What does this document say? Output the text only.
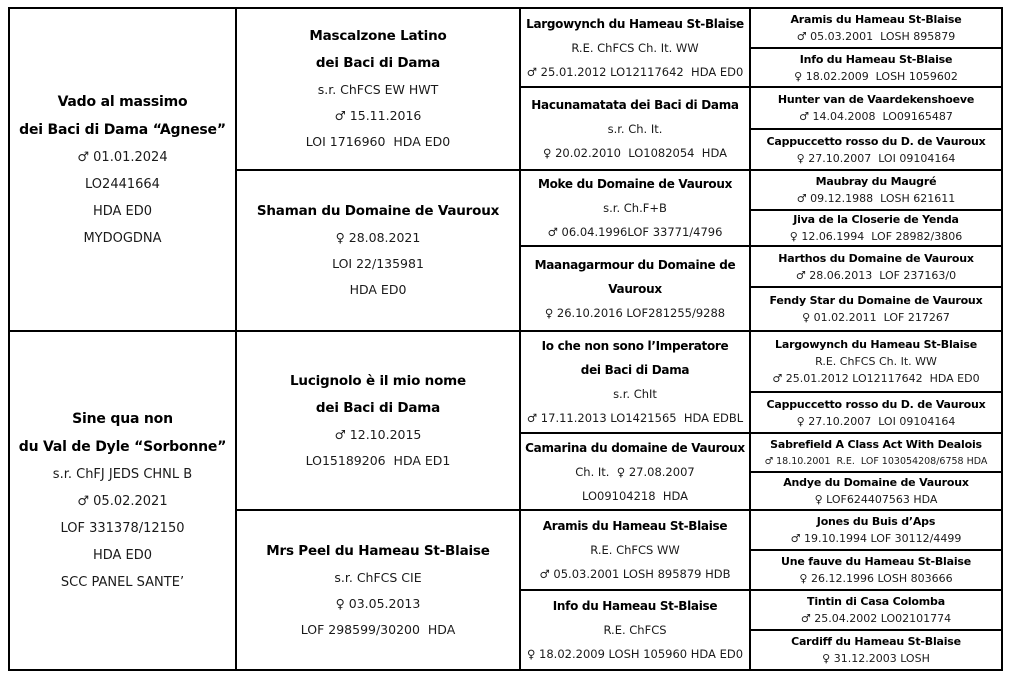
Vado al massimo
dei Baci di Dama “Agnese”
♂ 01.01.2024
LO2441664
HDA ED0
MYDOGDNA
Sine qua non
du Val de Dyle “Sorbonne”
s.r. ChFJ JEDS CHNL B
♂ 05.02.2021
LOF 331378/12150
HDA ED0
SCC PANEL SANTE’
Mascalzone Latino
dei Baci di Dama
s.r. ChFCS EW HWT
♂ 15.11.2016
LOI 1716960  HDA ED0
Shaman du Domaine de Vauroux
♀ 28.08.2021
LOI 22/135981
HDA ED0
Lucignolo è il mio nome
dei Baci di Dama
♂ 12.10.2015
LO15189206  HDA ED1
Mrs Peel du Hameau St-Blaise
s.r. ChFCS CIE
♀ 03.05.2013
LOF 298599/30200  HDA
Largowynch du Hameau St-Blaise
R.E. ChFCS Ch. It. WW
♂ 25.01.2012 LO12117642  HDA ED0
Hacunamatata dei Baci di Dama
s.r. Ch. It.
♀ 20.02.2010  LO1082054  HDA
Moke du Domaine de Vauroux
s.r. Ch.F+B
♂ 06.04.1996LOF 33771/4796
Maanagarmour du Domaine de
Vauroux
♀ 26.10.2016 LOF281255/9288
Io che non sono l’Imperatore
dei Baci di Dama
s.r. ChIt
♂ 17.11.2013 LO1421565  HDA EDBL
Camarina du domaine de Vauroux
Ch. It.  ♀ 27.08.2007
LO09104218  HDA
Aramis du Hameau St-Blaise
R.E. ChFCS WW
♂ 05.03.2001 LOSH 895879 HDB
Info du Hameau St-Blaise
R.E. ChFCS
♀ 18.02.2009 LOSH 105960 HDA ED0
Aramis du Hameau St-Blaise
♂ 05.03.2001  LOSH 895879
Info du Hameau St-Blaise
♀ 18.02.2009  LOSH 1059602
Hunter van de Vaardekenshoeve
♂ 14.04.2008  LO09165487
Cappuccetto rosso du D. de Vauroux
♀ 27.10.2007  LOI 09104164
Maubray du Maugré
♂ 09.12.1988  LOSH 621611
Jiva de la Closerie de Yenda
♀ 12.06.1994  LOF 28982/3806
Harthos du Domaine de Vauroux
♂ 28.06.2013  LOF 237163/0
Fendy Star du Domaine de Vauroux
♀ 01.02.2011  LOF 217267
Largowynch du Hameau St-Blaise
R.E. ChFCS Ch. It. WW
♂ 25.01.2012 LO12117642  HDA ED0
Cappuccetto rosso du D. de Vauroux
♀ 27.10.2007  LOI 09104164
Sabrefield A Class Act With Dealois
♂ 18.10.2001  R.E.  LOF 103054208/6758 HDA
Andye du Domaine de Vauroux
♀ LOF624407563 HDA
Jones du Buis d’Aps
♂ 19.10.1994 LOF 30112/4499
Une fauve du Hameau St-Blaise
♀ 26.12.1996 LOSH 803666
Tintin di Casa Colomba
♂ 25.04.2002 LO02101774
Cardiff du Hameau St-Blaise
♀ 31.12.2003 LOSH
